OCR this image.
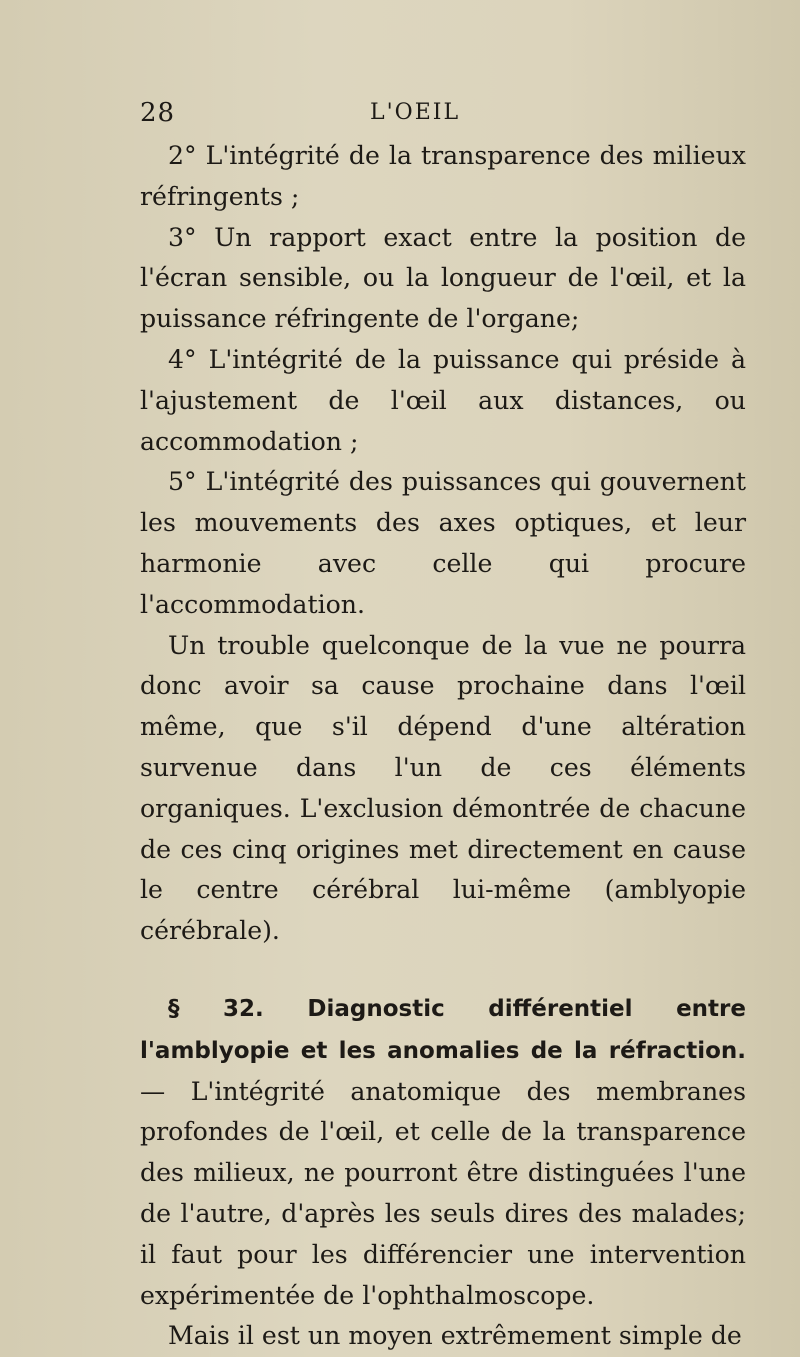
28	L'OEIL

2° L'intégrité de la transparence des milieux réfringents ;

3° Un rapport exact entre la position de l'écran sensible, ou la longueur de l'œil, et la puissance réfringente de l'organe;

4° L'intégrité de la puissance qui préside à l'ajustement de l'œil aux distances, ou accommodation ;

5° L'intégrité des puissances qui gouvernent les mouvements des axes optiques, et leur harmonie avec celle qui procure l'accommodation.

Un trouble quelconque de la vue ne pourra donc avoir sa cause prochaine dans l'œil même, que s'il dépend d'une altération survenue dans l'un de ces éléments organiques. L'exclusion démontrée de chacune de ces cinq origines met directement en cause le centre cérébral lui-même (amblyopie cérébrale).

§ 32. Diagnostic différentiel entre l'amblyopie et les anomalies de la réfraction. — L'intégrité anatomique des membranes profondes de l'œil, et celle de la transparence des milieux, ne pourront être distinguées l'une de l'autre, d'après les seuls dires des malades; il faut pour les différencier une intervention expérimentée de l'ophthalmoscope.

Mais il est un moyen extrêmement simple de
